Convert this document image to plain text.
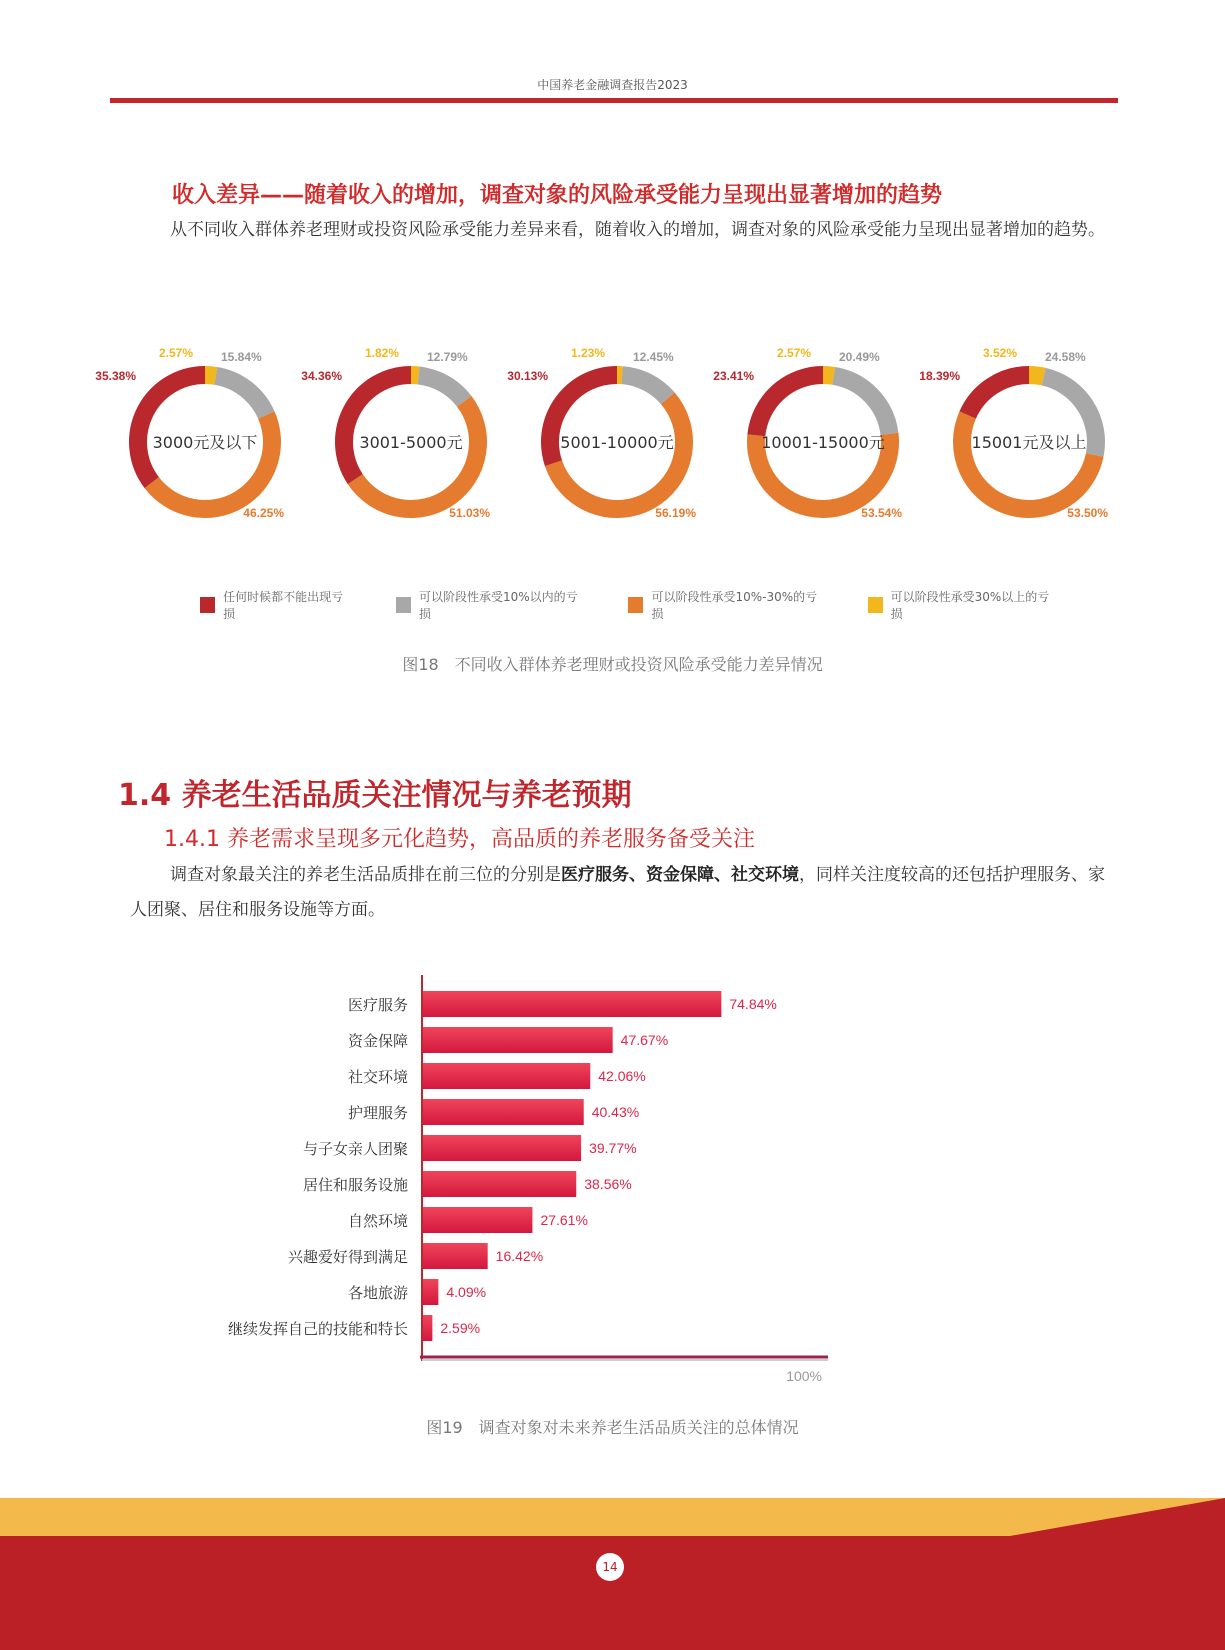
中国养老金融调查报告2023
收入差异——随着收入的增加，调查对象的风险承受能力呈现出显著增加的趋势
从不同收入群体养老理财或投资风险承受能力差异来看，随着收入的增加，调查对象的风险承受能力呈现出显著增加的趋势。
2.57% 15.84%
46.25%
35.38%
3000元及以下
1.82% 12.79%
51.03%
34.36%
3001-5000元
1.23% 12.45%
56.19%
30.13%
5001-10000元
2.57% 20.49%
53.54%
23.41%
10001-15000元
3.52% 24.58%
53.50%
18.39%
15001元及以上
任何时候都不能出现亏损
可以阶段性承受10%以内的亏损
可以阶段性承受10%-30%的亏损
可以阶段性承受30%以上的亏损
图18　不同收入群体养老理财或投资风险承受能力差异情况
1.4 养老生活品质关注情况与养老预期
1.4.1 养老需求呈现多元化趋势，高品质的养老服务备受关注
调查对象最关注的养老生活品质排在前三位的分别是医疗服务、资金保障、社交环境，同样关注度较高的还包括护理服务、家人团聚、居住和服务设施等方面。
医疗服务	74.84%
资金保障	47.67%
社交环境	42.06%
护理服务	40.43%
与子女亲人团聚	39.77%
居住和服务设施	38.56%
自然环境	27.61%
兴趣爱好得到满足	16.42%
各地旅游	4.09%
继续发挥自己的技能和特长 2.59%
100%
图19　调查对象对未来养老生活品质关注的总体情况
14
